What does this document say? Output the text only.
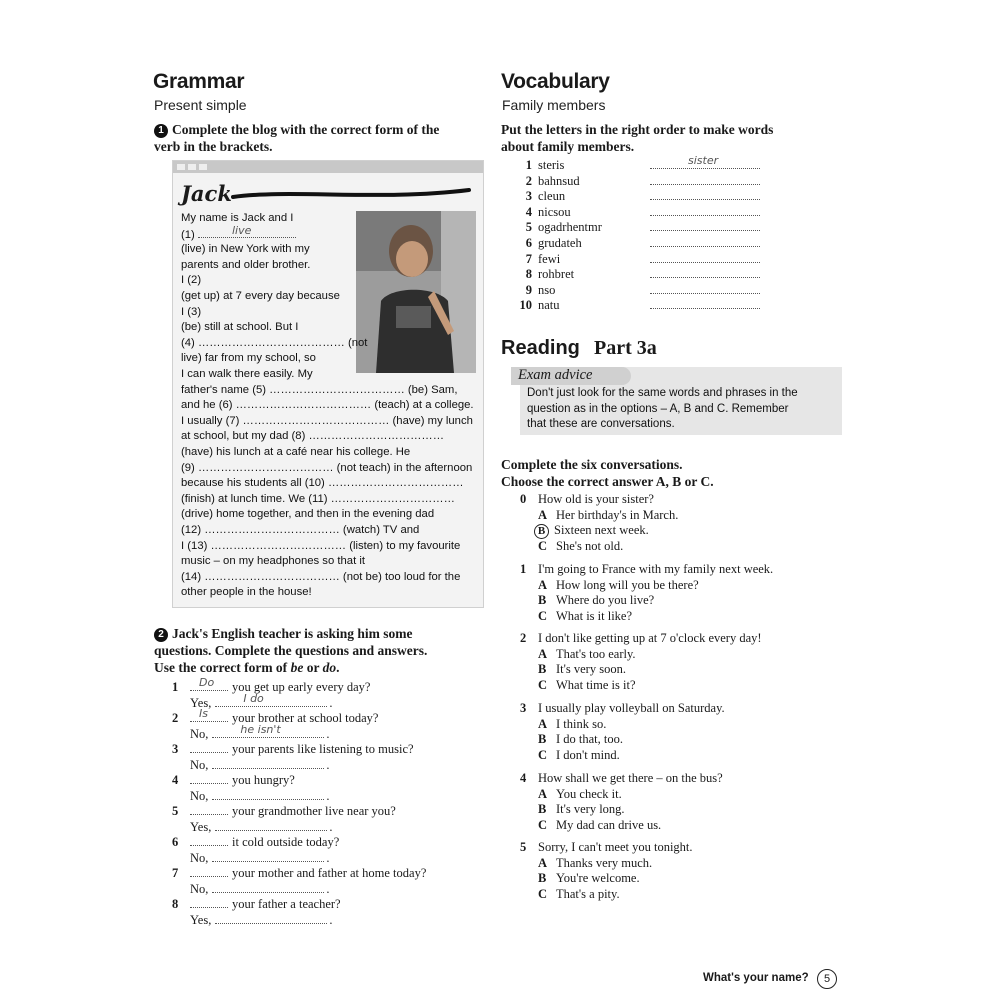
Grammar
Present simple
1 Complete the blog with the correct form of the
verb in the brackets.
Jack
My name is Jack and I
(1)	live
(live) in New York with my
parents and older brother.
I (2)
(get up) at 7 every day because
I (3)
(be) still at school. But I
(4) ………………………………… (not
live) far from my school, so
I can walk there easily. My
father's name (5) ……………………………… (be) Sam,
and he (6) ……………………………… (teach) at a college.
I usually (7) ………………………………… (have) my lunch
at school, but my dad (8) ………………………………
(have) his lunch at a café near his college. He
(9) ……………………………… (not teach) in the afternoon
because his students all (10) ………………………………
(finish) at lunch time. We (11) ……………………………
(drive) home together, and then in the evening dad
(12) ……………………………… (watch) TV and
I (13) ……………………………… (listen) to my favourite
music – on my headphones so that it
(14) ……………………………… (not be) too loud for the
other people in the house!
2 Jack's English teacher is asking him some
questions. Complete the questions and answers.
Use the correct form of be or do.
1 Do you get up early every day?
Yes,	I do	.
2 Is your brother at school today?
No,	he isn't	.
3	your parents like listening to music?
No,	.
4	you hungry?
No,	.
5	your grandmother live near you?
Yes,	.
6	it cold outside today?
No,	.
7	your mother and father at home today?
No,	.
8	your father a teacher?
Yes,	.
Vocabulary
Family members
Put the letters in the right order to make words
about family members.
1 steris	sister
2 bahnsud
3 cleun
4 nicsou
5 ogadrhentmr
6 grudateh
7 fewi
8 rohbret
9 nso
10 natu
Reading Part 3a
Exam advice
Don't just look for the same words and phrases in the
question as in the options – A, B and C. Remember
that these are conversations.
Complete the six conversations.
Choose the correct answer A, B or C.
0 How old is your sister?
A Her birthday's in March.
B Sixteen next week.
C She's not old.
1 I'm going to France with my family next week.
A How long will you be there?
B Where do you live?
C What is it like?
2 I don't like getting up at 7 o'clock every day!
A That's too early.
B It's very soon.
C What time is it?
3 I usually play volleyball on Saturday.
A I think so.
B I do that, too.
C I don't mind.
4 How shall we get there – on the bus?
A You check it.
B It's very long.
C My dad can drive us.
5 Sorry, I can't meet you tonight.
A Thanks very much.
B You're welcome.
C That's a pity.
What's your name?	5
